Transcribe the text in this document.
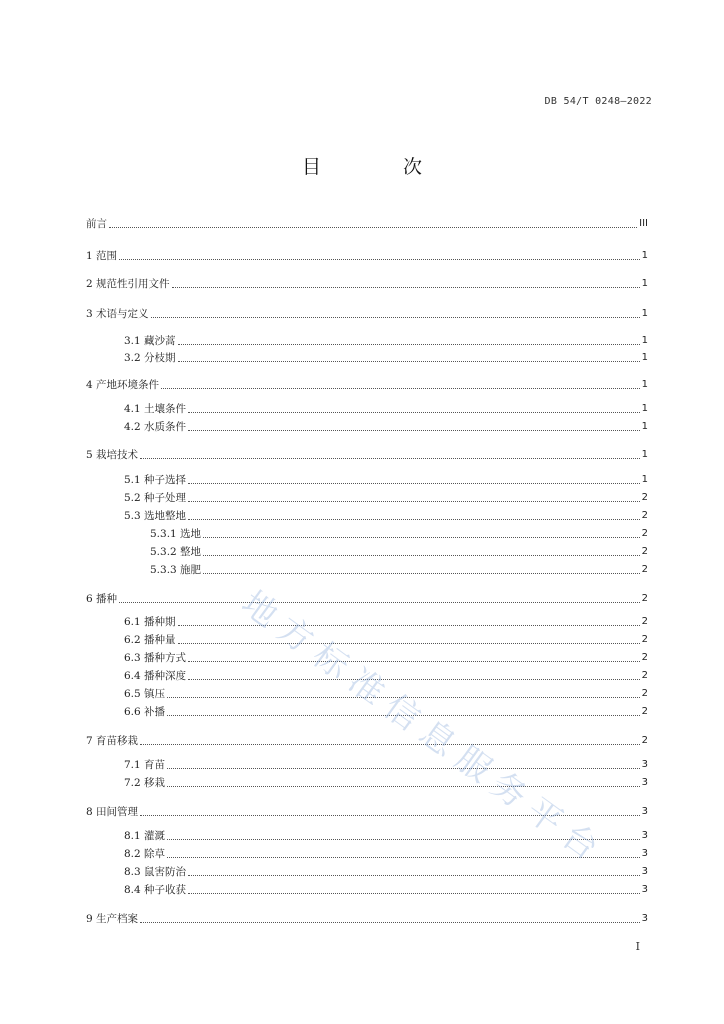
DB 54/T 0248—2022
目 次
前言	III
1 范围	1
2 规范性引用文件	1
3 术语与定义	1
3.1 藏沙蒿	1
3.2 分枝期	1
4 产地环境条件	1
4.1 土壤条件	1
4.2 水质条件	1
5 栽培技术	1
5.1 种子选择	1
5.2 种子处理	2
5.3 选地整地	2
5.3.1 选地	2
5.3.2 整地	2
5.3.3 施肥	2
6 播种	2
6.1 播种期	2
6.2 播种量	2
6.3 播种方式	2
6.4 播种深度	2
6.5 镇压	2
6.6 补播	2
7 育苗移栽	2
7.1 育苗	3
7.2 移栽	3
8 田间管理	3
8.1 灌溉	3
8.2 除草	3
8.3 鼠害防治	3
8.4 种子收获	3
9 生产档案	3
地方标准信息服务平台
I
